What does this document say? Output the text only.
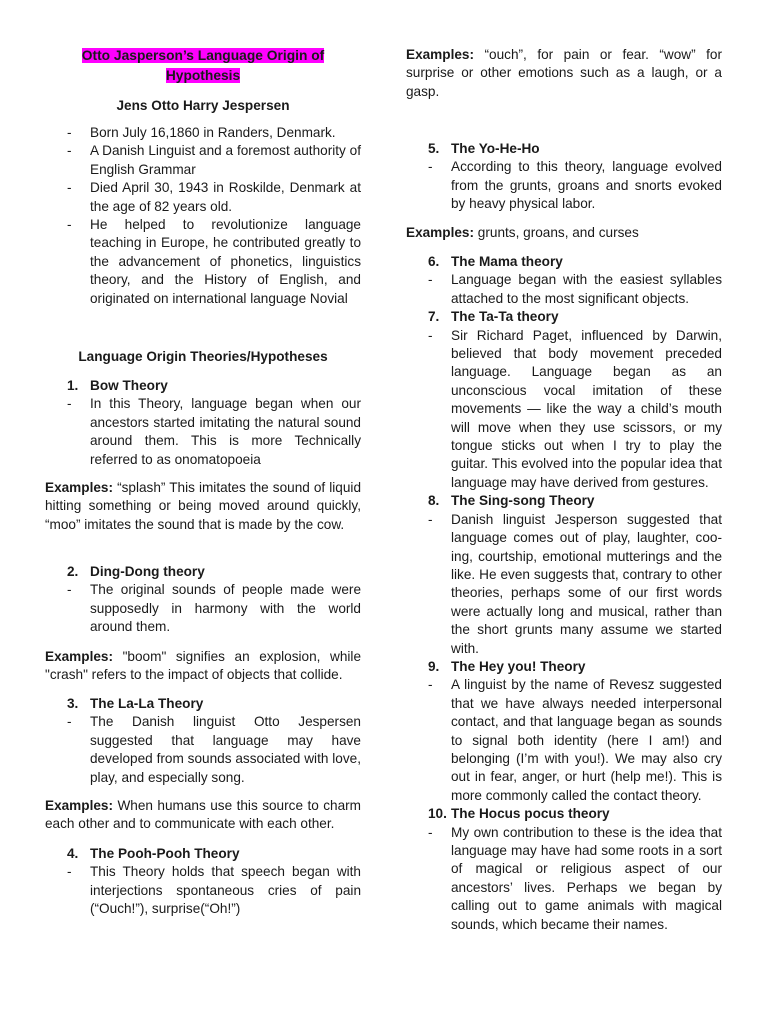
Otto Jasperson’s Language Origin of
Hypothesis
Jens Otto Harry Jespersen
-	Born July 16,1860 in Randers, Denmark.
-	A Danish Linguist and a foremost authority of English Grammar
-	Died April 30, 1943 in Roskilde, Denmark at the age of 82 years old.
-	He helped to revolutionize language teaching in Europe, he contributed greatly to the advancement of phonetics, linguistics theory, and the History of English, and originated on international language Novial
Language Origin Theories/Hypotheses
1. Bow Theory
-	In this Theory, language began when our ancestors started imitating the natural sound around them. This is more Technically referred to as onomatopoeia
Examples: “splash” This imitates the sound of liquid hitting something or being moved around quickly, “moo” imitates the sound that is made by the cow.
2. Ding-Dong theory
-	The original sounds of people made were supposedly in harmony with the world around them.
Examples: "boom" signifies an explosion, while "crash" refers to the impact of objects that collide.
3. The La-La Theory
-	The Danish linguist Otto Jespersen suggested that language may have developed from sounds associated with love, play, and especially song.
Examples: When humans use this source to charm each other and to communicate with each other.
4. The Pooh-Pooh Theory
-	This Theory holds that speech began with interjections spontaneous cries of pain (“Ouch!”), surprise(“Oh!”)
Examples: “ouch”, for pain or fear. “wow” for surprise or other emotions such as a laugh, or a gasp.
5. The Yo-He-Ho
-	According to this theory, language evolved from the grunts, groans and snorts evoked by heavy physical labor.
Examples: grunts, groans, and curses
6. The Mama theory
-	Language began with the easiest syllables attached to the most significant objects.
7. The Ta-Ta theory
-	Sir Richard Paget, influenced by Darwin, believed that body movement preceded language. Language began as an unconscious vocal imitation of these movements — like the way a child’s mouth will move when they use scissors, or my tongue sticks out when I try to play the guitar. This evolved into the popular idea that language may have derived from gestures.
8. The Sing-song Theory
-	Danish linguist Jesperson suggested that language comes out of play, laughter, coo-ing, courtship, emotional mutterings and the like. He even suggests that, contrary to other theories, perhaps some of our first words were actually long and musical, rather than the short grunts many assume we started with.
9. The Hey you! Theory
-	A linguist by the name of Revesz suggested that we have always needed interpersonal contact, and that language began as sounds to signal both identity (here I am!) and belonging (I’m with you!). We may also cry out in fear, anger, or hurt (help me!). This is more commonly called the contact theory.
10. The Hocus pocus theory
-	My own contribution to these is the idea that language may have had some roots in a sort of magical or religious aspect of our ancestors’ lives. Perhaps we began by calling out to game animals with magical sounds, which became their names.
